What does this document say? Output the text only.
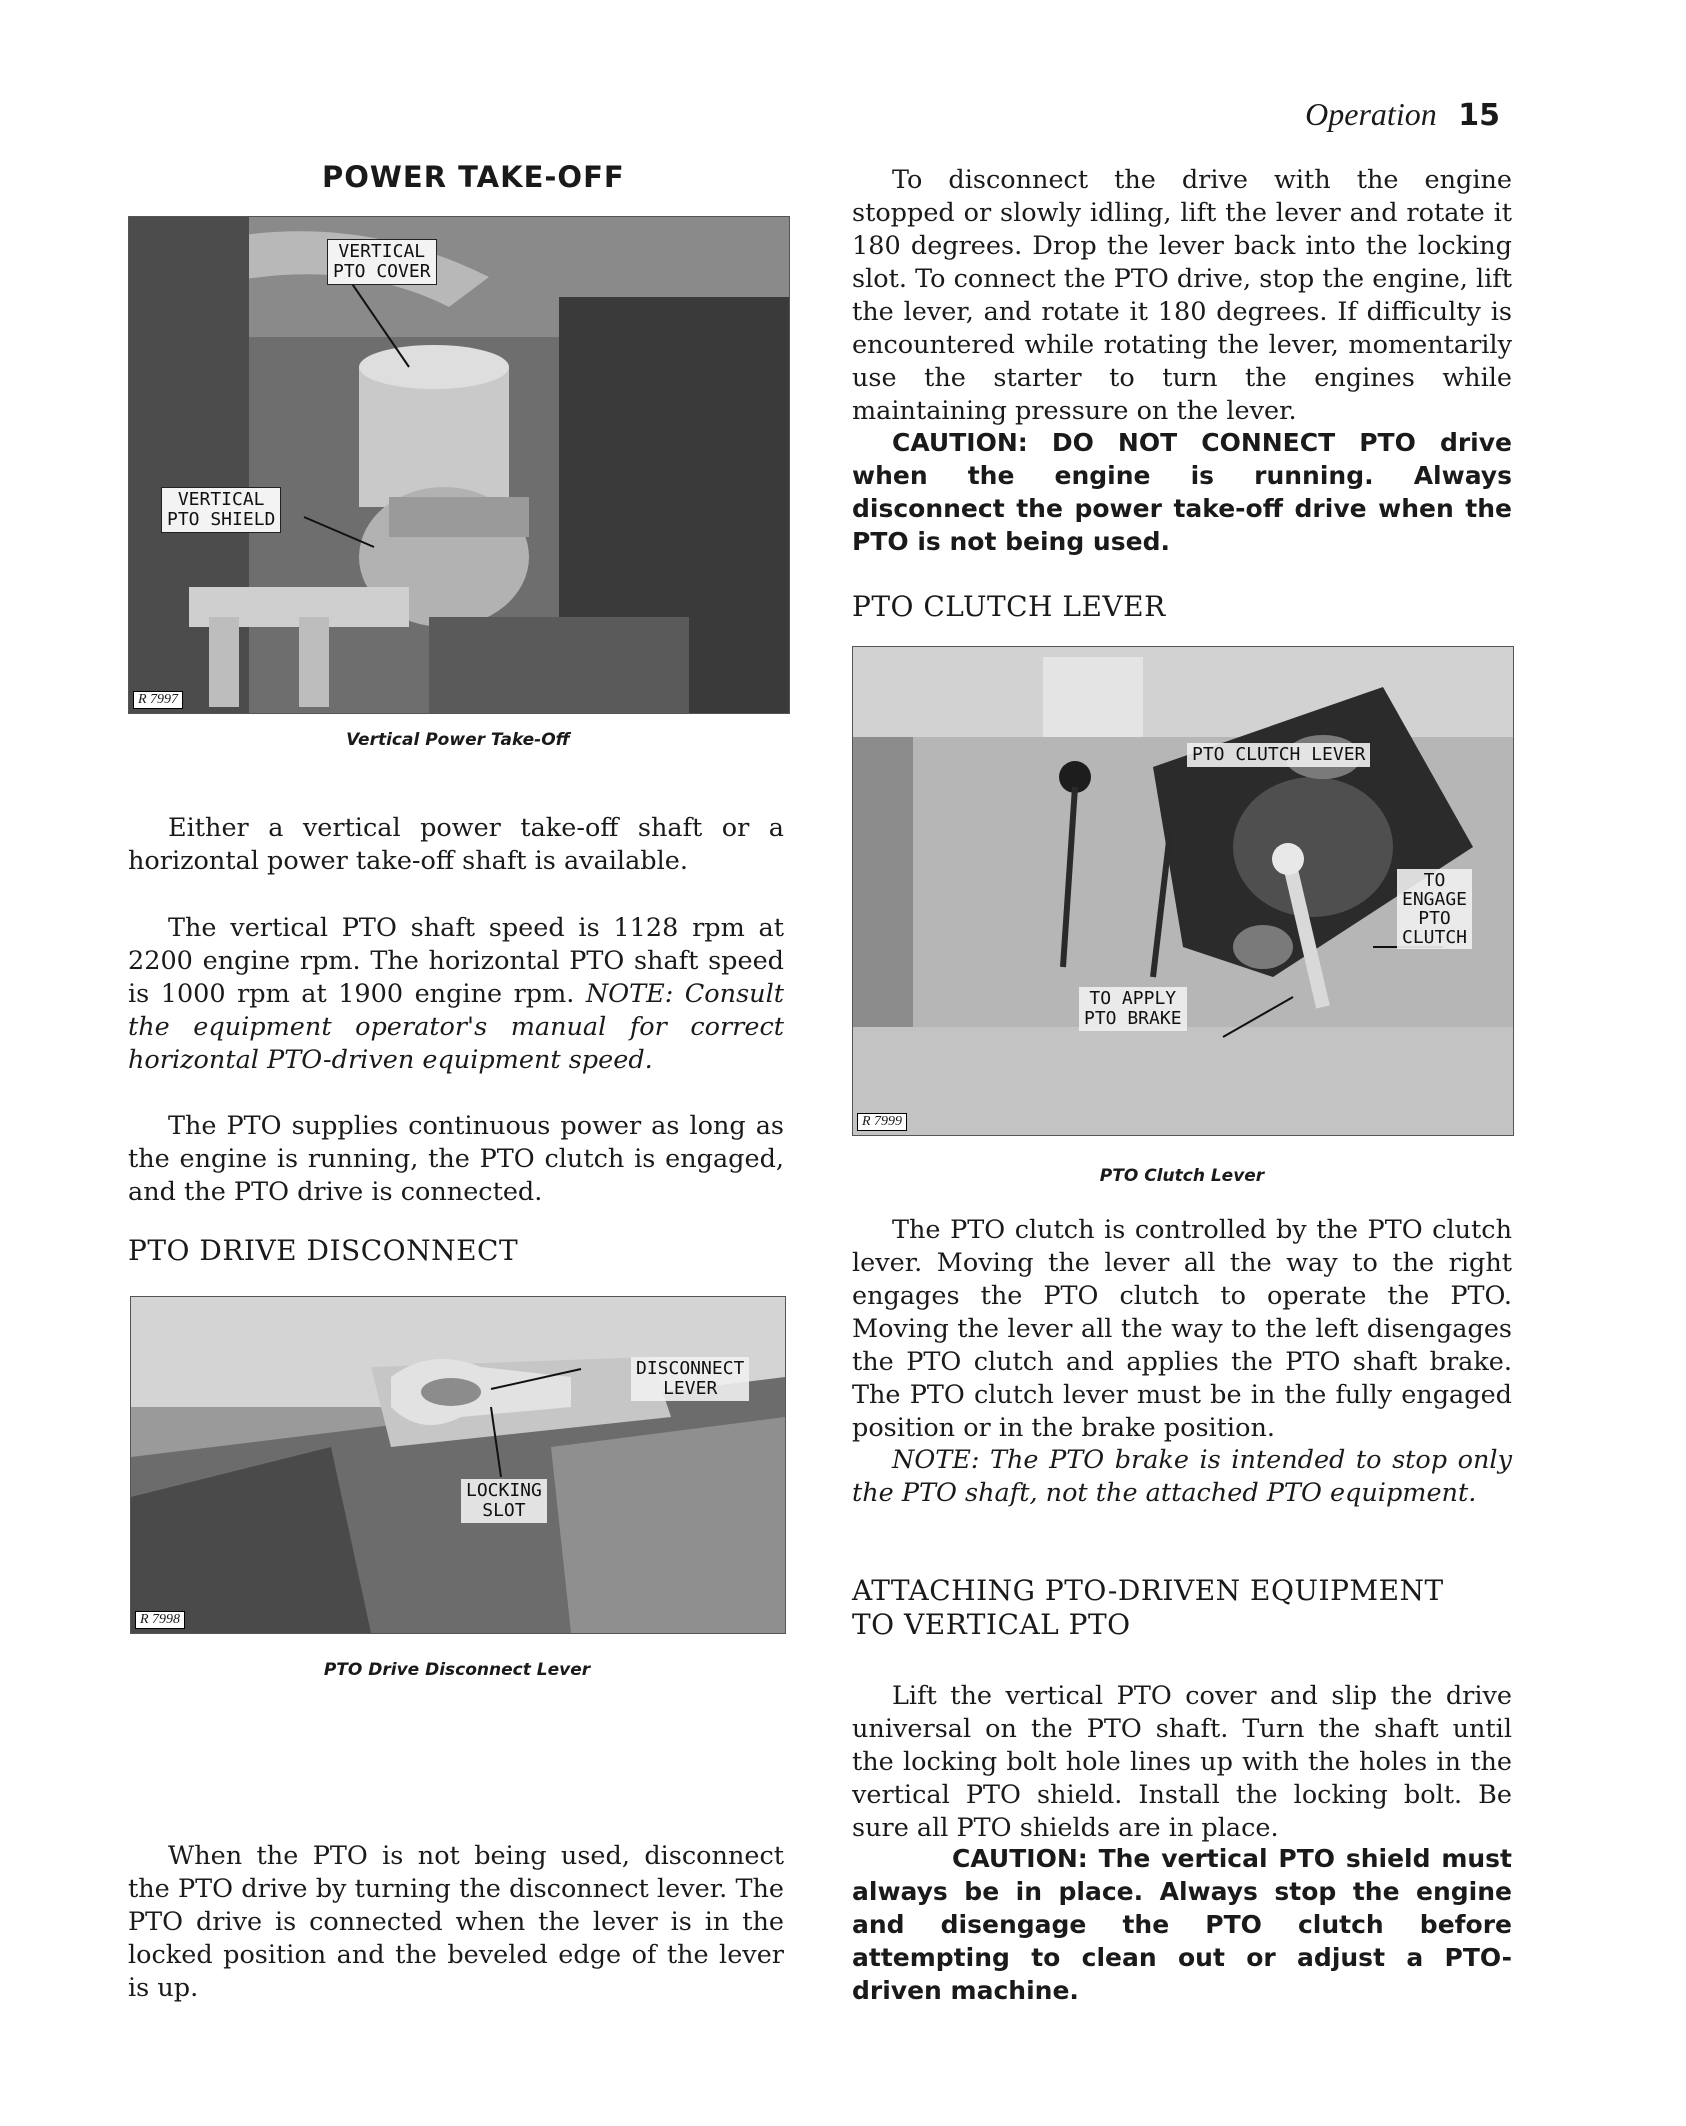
Operation 15
POWER TAKE-OFF
VERTICAL
PTO COVER
VERTICAL
PTO SHIELD
R 7997
Vertical Power Take-Off
Either a vertical power take-off shaft or a horizontal power take-off shaft is available.
The vertical PTO shaft speed is 1128 rpm at 2200 engine rpm. The horizontal PTO shaft speed is 1000 rpm at 1900 engine rpm. NOTE: Consult the equipment operator's manual for correct horizontal PTO-driven equipment speed.
The PTO supplies continuous power as long as the engine is running, the PTO clutch is engaged, and the PTO drive is connected.
PTO DRIVE DISCONNECT
DISCONNECT
LEVER
LOCKING
SLOT
R 7998
PTO Drive Disconnect Lever
When the PTO is not being used, disconnect the PTO drive by turning the disconnect lever. The PTO drive is connected when the lever is in the locked position and the beveled edge of the lever is up.
To disconnect the drive with the engine stopped or slowly idling, lift the lever and rotate it 180 degrees. Drop the lever back into the locking slot. To connect the PTO drive, stop the engine, lift the lever, and rotate it 180 degrees. If difficulty is encountered while rotating the lever, momentarily use the starter to turn the engines while maintaining pressure on the lever.
CAUTION: DO NOT CONNECT PTO drive when the engine is running. Always disconnect the power take-off drive when the PTO is not being used.
PTO CLUTCH LEVER
PTO CLUTCH LEVER
TO
ENGAGE
PTO
CLUTCH
TO APPLY
PTO BRAKE
R 7999
PTO Clutch Lever
The PTO clutch is controlled by the PTO clutch lever. Moving the lever all the way to the right engages the PTO clutch to operate the PTO. Moving the lever all the way to the left disengages the PTO clutch and applies the PTO shaft brake. The PTO clutch lever must be in the fully engaged position or in the brake position.
NOTE: The PTO brake is intended to stop only the PTO shaft, not the attached PTO equipment.
ATTACHING PTO-DRIVEN EQUIPMENT TO VERTICAL PTO
Lift the vertical PTO cover and slip the drive universal on the PTO shaft. Turn the shaft until the locking bolt hole lines up with the holes in the vertical PTO shield. Install the locking bolt. Be sure all PTO shields are in place.
CAUTION: The vertical PTO shield must always be in place. Always stop the engine and disengage the PTO clutch before attempting to clean out or adjust a PTO-driven machine.
